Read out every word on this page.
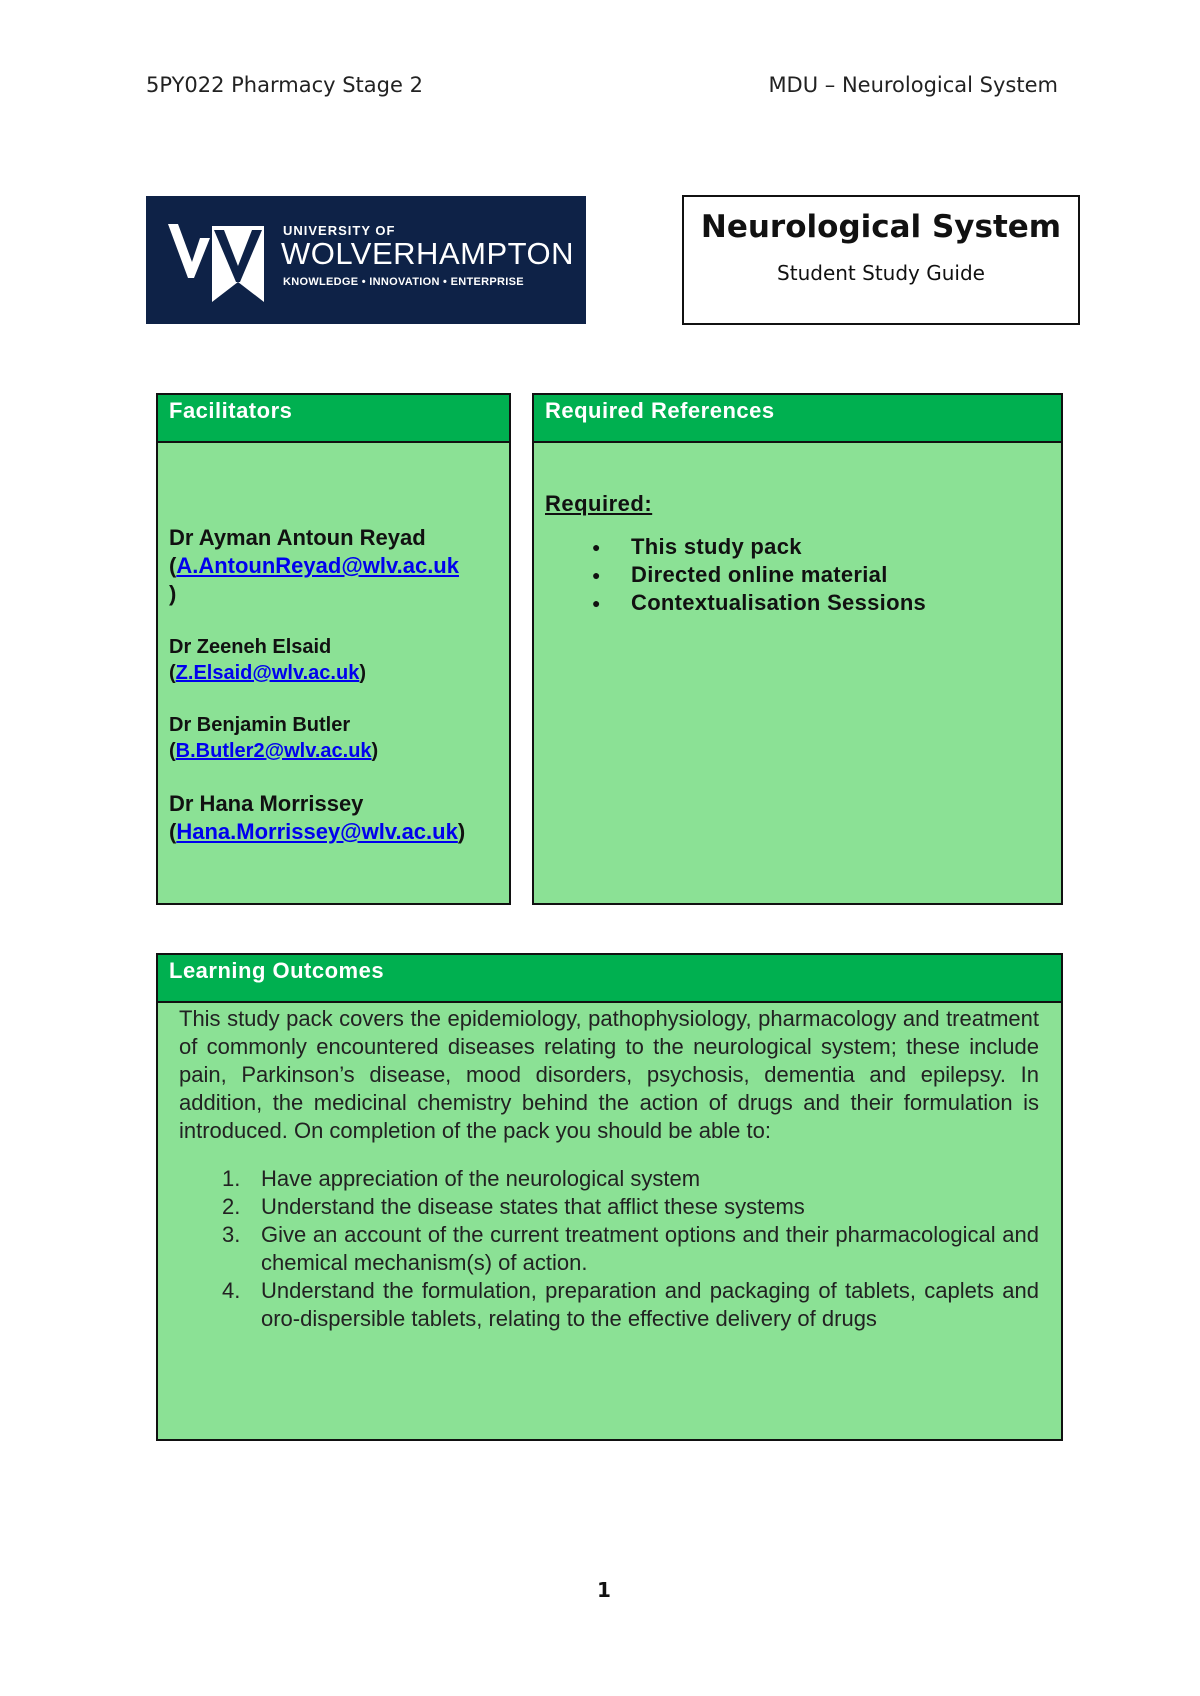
5PY022 Pharmacy Stage 2	MDU – Neurological System
UNIVERSITY OF
WOLVERHAMPTON
KNOWLEDGE • INNOVATION • ENTERPRISE
Neurological System
Student Study Guide
Facilitators
Dr Ayman Antoun Reyad
(A.AntounReyad@wlv.ac.uk
)
Dr Zeeneh Elsaid
(Z.Elsaid@wlv.ac.uk)
Dr Benjamin Butler
(B.Butler2@wlv.ac.uk)
Dr Hana Morrissey
(Hana.Morrissey@wlv.ac.uk)
Required References
Required:
● This study pack
● Directed online material
● Contextualisation Sessions
Learning Outcomes

This study pack covers the epidemiology, pathophysiology, pharmacology and treatment of commonly encountered diseases relating to the neurological system; these include pain, Parkinson’s disease, mood disorders, psychosis, dementia and epilepsy. In addition, the medicinal chemistry behind the action of drugs and their formulation is introduced. On completion of the pack you should be able to:

1. Have appreciation of the neurological system
2. Understand the disease states that afflict these systems
3. Give an account of the current treatment options and their pharmacological and chemical mechanism(s) of action.
4. Understand the formulation, preparation and packaging of tablets, caplets and oro-dispersible tablets, relating to the effective delivery of drugs
1
